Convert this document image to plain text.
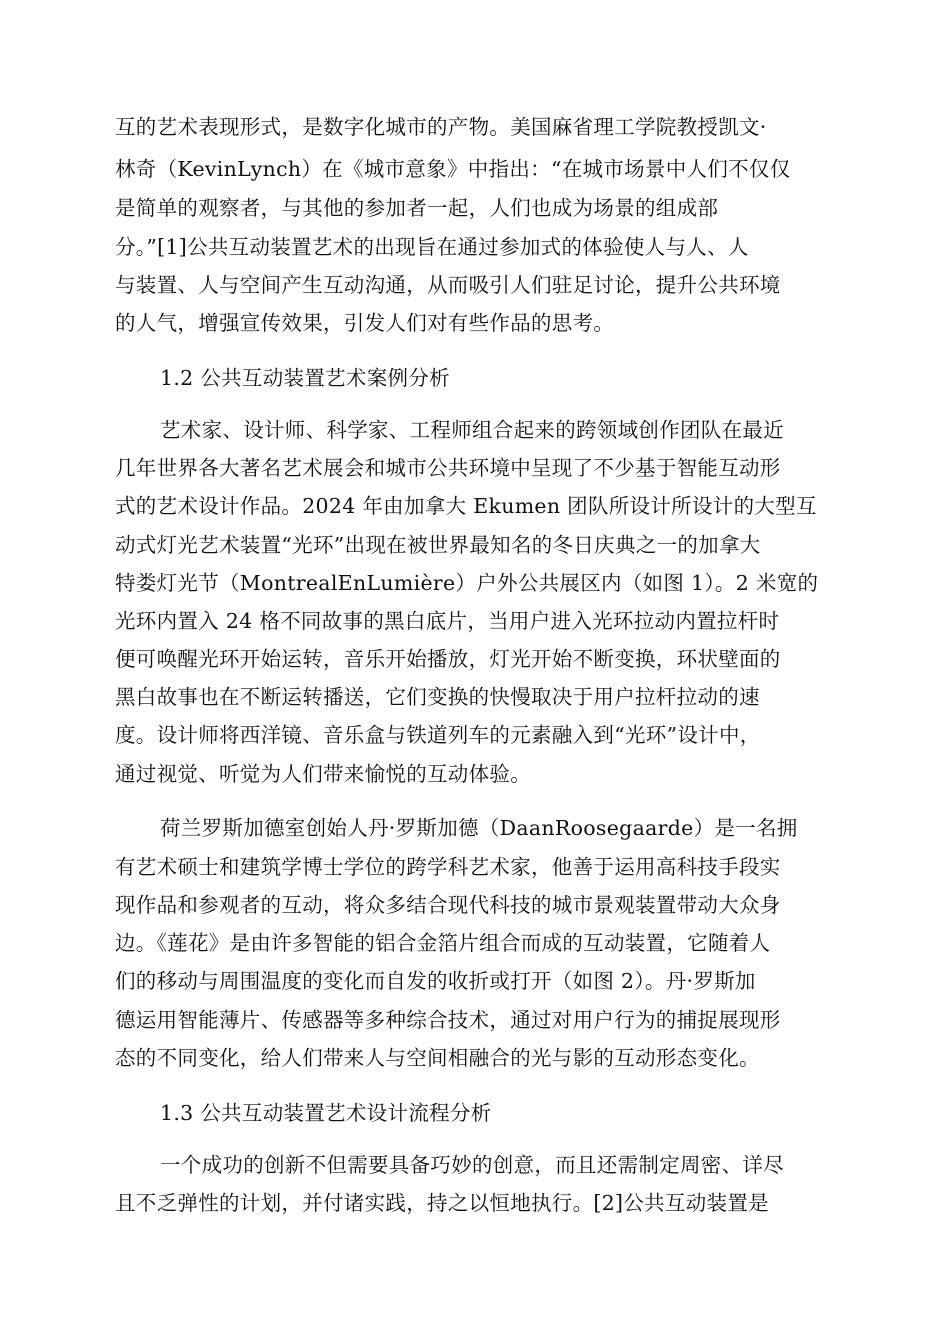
互的艺术表现形式，是数字化城市的产物。美国麻省理工学院教授凯文·
林奇（KevinLynch）在《城市意象》中指出：“在城市场景中人们不仅仅
是简单的观察者，与其他的参加者一起，人们也成为场景的组成部
分。”[1]公共互动装置艺术的出现旨在通过参加式的体验使人与人、人
与装置、人与空间产生互动沟通，从而吸引人们驻足讨论，提升公共环境
的人气，增强宣传效果，引发人们对有些作品的思考。
1.2 公共互动装置艺术案例分析
艺术家、设计师、科学家、工程师组合起来的跨领域创作团队在最近
几年世界各大著名艺术展会和城市公共环境中呈现了不少基于智能互动形
式的艺术设计作品。2024 年由加拿大 Ekumen 团队所设计所设计的大型互
动式灯光艺术装置“光环”出现在被世界最知名的冬日庆典之一的加拿大
特娄灯光节（MontrealEnLumière）户外公共展区内（如图 1）。2 米宽的
光环内置入 24 格不同故事的黑白底片，当用户进入光环拉动内置拉杆时
便可唤醒光环开始运转，音乐开始播放，灯光开始不断变换，环状壁面的
黑白故事也在不断运转播送，它们变换的快慢取决于用户拉杆拉动的速
度。设计师将西洋镜、音乐盒与铁道列车的元素融入到“光环”设计中，
通过视觉、听觉为人们带来愉悦的互动体验。
荷兰罗斯加德室创始人丹·罗斯加德（DaanRoosegaarde）是一名拥
有艺术硕士和建筑学博士学位的跨学科艺术家，他善于运用高科技手段实
现作品和参观者的互动，将众多结合现代科技的城市景观装置带动大众身
边。《莲花》是由许多智能的铝合金箔片组合而成的互动装置，它随着人
们的移动与周围温度的变化而自发的收折或打开（如图 2）。丹·罗斯加
德运用智能薄片、传感器等多种综合技术，通过对用户行为的捕捉展现形
态的不同变化，给人们带来人与空间相融合的光与影的互动形态变化。
1.3 公共互动装置艺术设计流程分析
一个成功的创新不但需要具备巧妙的创意，而且还需制定周密、详尽
且不乏弹性的计划，并付诸实践，持之以恒地执行。[2]公共互动装置是
